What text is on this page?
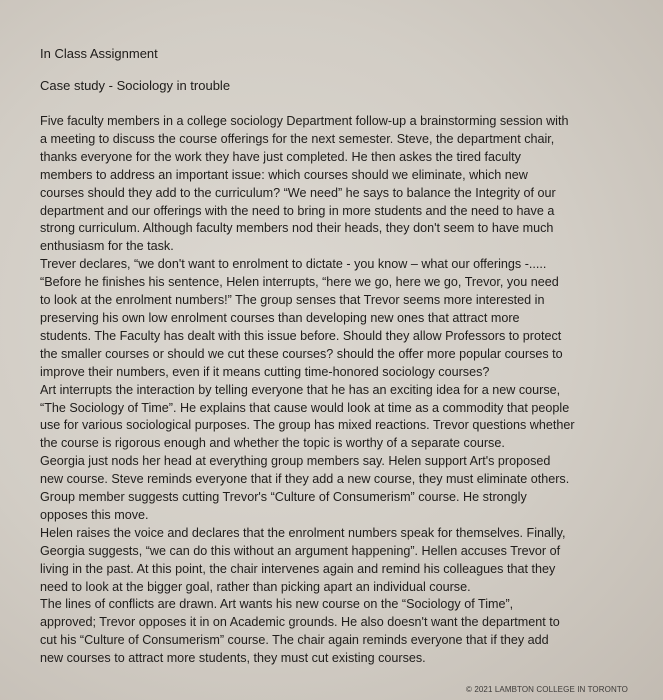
In Class Assignment
Case study - Sociology in trouble
Five faculty members in a college sociology Department follow-up a brainstorming session with
a meeting to discuss the course offerings for the next semester. Steve, the department chair,
thanks everyone for the work they have just completed. He then askes the tired faculty
members to address an important issue: which courses should we eliminate, which new
courses should they add to the curriculum? “We need” he says to balance the Integrity of our
department and our offerings with the need to bring in more students and the need to have a
strong curriculum. Although faculty members nod their heads, they don't seem to have much
enthusiasm for the task.
Trever declares, “we don't want to enrolment to dictate - you know – what our offerings -.....
“Before he finishes his sentence, Helen interrupts, “here we go, here we go, Trevor, you need
to look at the enrolment numbers!” The group senses that Trevor seems more interested in
preserving his own low enrolment courses than developing new ones that attract more
students. The Faculty has dealt with this issue before. Should they allow Professors to protect
the smaller courses or should we cut these courses? should the offer more popular courses to
improve their numbers, even if it means cutting time-honored sociology courses?
Art interrupts the interaction by telling everyone that he has an exciting idea for a new course,
“The Sociology of Time”. He explains that cause would look at time as a commodity that people
use for various sociological purposes. The group has mixed reactions. Trevor questions whether
the course is rigorous enough and whether the topic is worthy of a separate course.
Georgia just nods her head at everything group members say. Helen support Art's proposed
new course. Steve reminds everyone that if they add a new course, they must eliminate others.
Group member suggests cutting Trevor's “Culture of Consumerism” course. He strongly
opposes this move.
Helen raises the voice and declares that the enrolment numbers speak for themselves. Finally,
Georgia suggests, “we can do this without an argument happening”. Hellen accuses Trevor of
living in the past. At this point, the chair intervenes again and remind his colleagues that they
need to look at the bigger goal, rather than picking apart an individual course.
The lines of conflicts are drawn. Art wants his new course on the “Sociology of Time”,
approved; Trevor opposes it in on Academic grounds. He also doesn't want the department to
cut his “Culture of Consumerism” course. The chair again reminds everyone that if they add
new courses to attract more students, they must cut existing courses.
© 2021 LAMBTON COLLEGE IN TORONTO
